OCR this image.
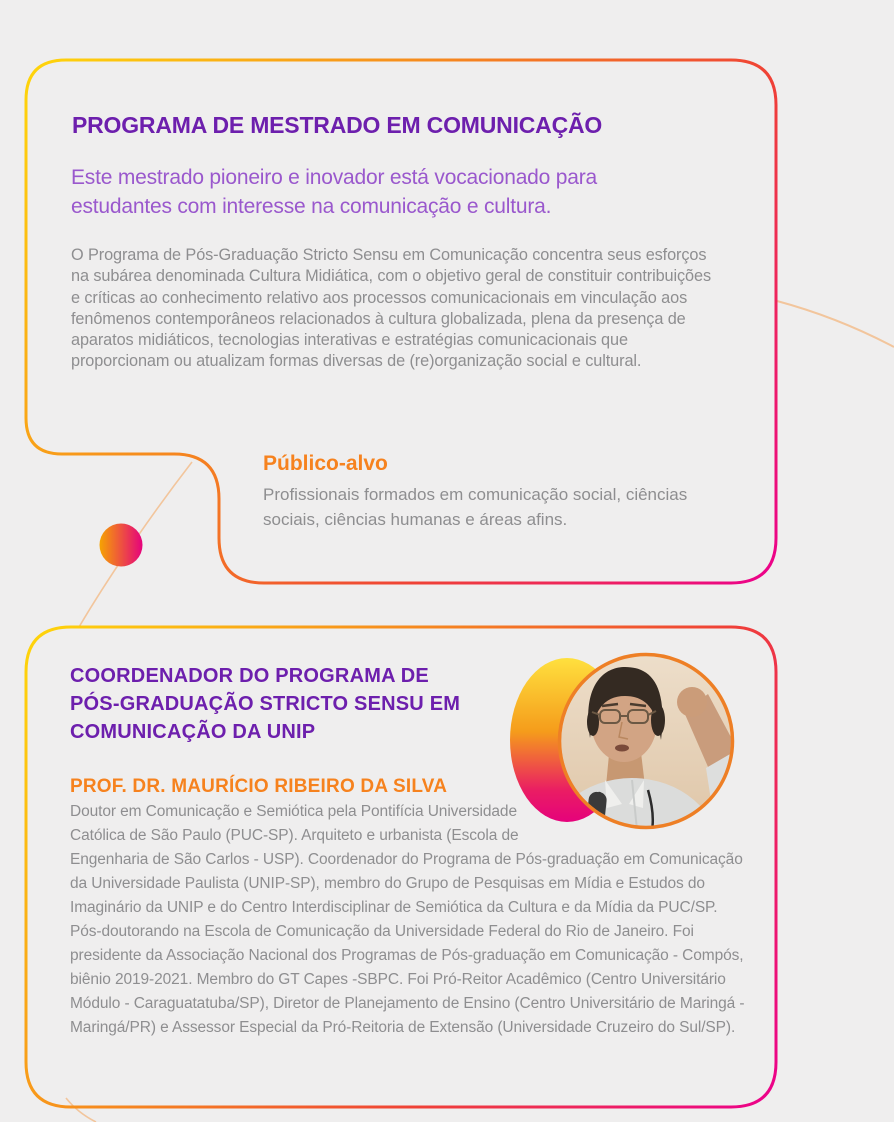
PROGRAMA DE MESTRADO EM COMUNICAÇÃO

Este mestrado pioneiro e inovador está vocacionado para estudantes com interesse na comunicação e cultura.

O Programa de Pós-Graduação Stricto Sensu em Comunicação concentra seus esforços na subárea denominada Cultura Midiática, com o objetivo geral de constituir contribuições e críticas ao conhecimento relativo aos processos comunicacionais em vinculação aos fenômenos contemporâneos relacionados à cultura globalizada, plena da presença de aparatos midiáticos, tecnologias interativas e estratégias comunicacionais que proporcionam ou atualizam formas diversas de (re)organização social e cultural.

Público-alvo

Profissionais formados em comunicação social, ciências sociais, ciências humanas e áreas afins.

COORDENADOR DO PROGRAMA DE PÓS-GRADUAÇÃO STRICTO SENSU EM COMUNICAÇÃO DA UNIP
PROF. DR. MAURÍCIO RIBEIRO DA SILVA

Doutor em Comunicação e Semiótica pela Pontifícia Universidade Católica de São Paulo (PUC-SP). Arquiteto e urbanista (Escola de Engenharia de São Carlos - USP). Coordenador do Programa de Pós-graduação em Comunicação da Universidade Paulista (UNIP-SP), membro do Grupo de Pesquisas em Mídia e Estudos do Imaginário da UNIP e do Centro Interdisciplinar de Semiótica da Cultura e da Mídia da PUC/SP. Pós-doutorando na Escola de Comunicação da Universidade Federal do Rio de Janeiro. Foi presidente da Associação Nacional dos Programas de Pós-graduação em Comunicação - Compós, biênio 2019-2021. Membro do GT Capes -SBPC. Foi Pró-Reitor Acadêmico (Centro Universitário Módulo - Caraguatatuba/SP), Diretor de Planejamento de Ensino (Centro Universitário de Maringá - Maringá/PR) e Assessor Especial da Pró-Reitoria de Extensão (Universidade Cruzeiro do Sul/SP).
